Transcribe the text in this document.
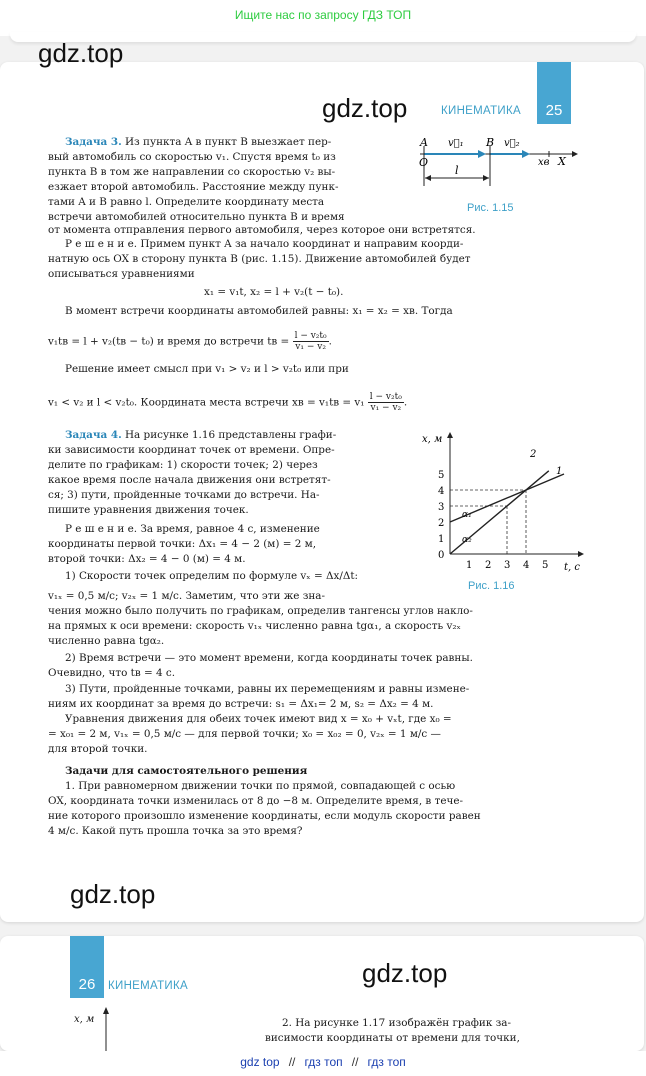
Ищите нас по запросу ГДЗ ТОП
gdz.top
gdz.top	КИНЕМАТИКА	25
Задача 3. Из пункта A в пункт B выезжает пер-
вый автомобиль со скоростью v₁. Спустя время t₀ из
пункта B в том же направлении со скоростью v₂ вы-
езжает второй автомобиль. Расстояние между пунк-
тами A и B равно l. Определите координату места
встречи автомобилей относительно пункта B и время
от момента отправления первого автомобиля, через которое они встретятся.
A
O
B
v⃗₁	v⃗₂
xв X
l
Рис. 1.15
Р е ш е н и е. Примем пункт A за начало координат и направим коорди-
натную ось OX в сторону пункта B (рис. 1.15). Движение автомобилей будет
описываться уравнениями
x₁ = v₁t, x₂ = l + v₂(t − t₀).
В момент встречи координаты автомобилей равны: x₁ = x₂ = xв. Тогда
v₁tв = l + v₂(tв − t₀) и время до встречи tв = $\frac{\text{l − v₂t₀}}{\text{v₁ − v₂}}$ .
Решение имеет смысл при v₁ > v₂ и l > v₂t₀ или при
v₁ < v₂ и l < v₂t₀. Координата места встречи xв = $v_1tв = v_1 \frac{\text{l − v₂t₀}}{\text{v₁ − v₂}}$ .
Задача 4. На рисунке 1.16 представлены графи-
ки зависимости координат точек от времени. Опре-
делите по графикам: 1) скорости точек; 2) через
какое время после начала движения они встретят-
ся; 3) пути, пройденные точками до встречи. На-
пишите уравнения движения точек.
x, м
t, с
1
2
α₁
α₂
0
1
2
3
4
5
1 2 3 4 5
Рис. 1.16
Р е ш е н и е. За время, равное 4 с, изменение
координаты первой точки: Δx₁ = 4 − 2 (м) = 2 м,
второй точки: Δx₂ = 4 − 0 (м) = 4 м.
1) Скорости точек определим по формуле vₓ = Δx/Δt:
v₁ₓ = 0,5 м/с; v₂ₓ = 1 м/с. Заметим, что эти же зна-
чения можно было получить по графикам, определив тангенсы углов накло-
на прямых к оси времени: скорость v₁ₓ численно равна tgα₁, а скорость v₂ₓ
численно равна tgα₂.
2) Время встречи — это момент времени, когда координаты точек равны.
Очевидно, что tв = 4 с.
3) Пути, пройденные точками, равны их перемещениям и равны измене-
ниям их координат за время до встречи: s₁ = Δx₁= 2 м, s₂ = Δx₂ = 4 м.
Уравнения движения для обеих точек имеют вид x = x₀ + vₓt, где x₀ =
= x₀₁ = 2 м, v₁ₓ = 0,5 м/с — для первой точки; x₀ = x₀₂ = 0, v₂ₓ = 1 м/с —
для второй точки.
Задачи для самостоятельного решения
1. При равномерном движении точки по прямой, совпадающей с осью
OX, координата точки изменилась от 8 до −8 м. Определите время, в тече-
ние которого произошло изменение координаты, если модуль скорости равен
4 м/с. Какой путь прошла точка за это время?
gdz.top
26	КИНЕМАТИКА	gdz.top
x, м	2. На рисунке 1.17 изображён график за-
висимости координаты от времени для точки,
gdz top // гдз топ // гдз топ
